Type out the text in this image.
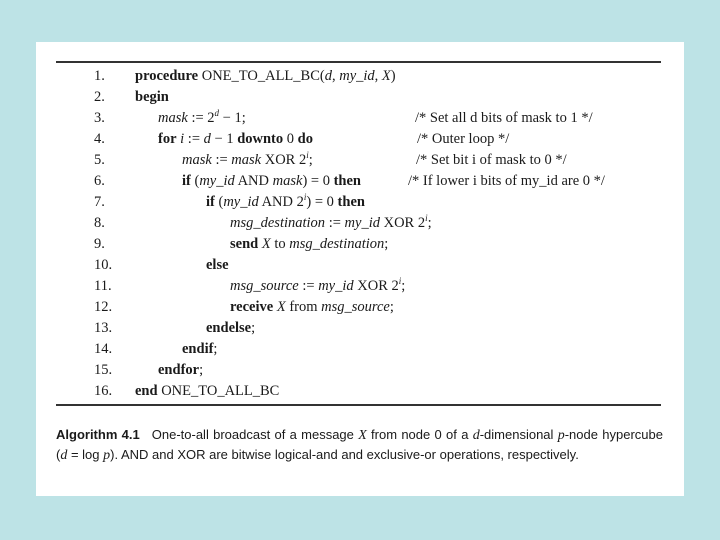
1.	procedure ONE_TO_ALL_BC(d, my_id, X)
2.	begin
3.	mask := $2^d - 1$;	/* Set all d bits of mask to 1 */
4.	for i := d − 1 downto 0 do	/* Outer loop */
5.	mask := mask XOR 2$^i$;	/* Set bit i of mask to 0 */
6.	if (my_id AND mask) = 0 then	/* If lower i bits of my_id are 0 */
7.	if (my_id AND $2^i) = 0$ then
8.	msg_destination := my_id XOR 2$^i$;
9.	send X to msg_destination;
10.	else
11.	msg_source := my_id XOR 2$^i$;
12.	receive X from msg_source;
13.	endelse;
14.	endif;
15.	endfor;
16.	end ONE_TO_ALL_BC
Algorithm 4.1 One-to-all broadcast of a message X from node 0 of a d-dimensional p-node hypercube (d = log p). AND and XOR are bitwise logical-and and exclusive-or operations, respectively.
